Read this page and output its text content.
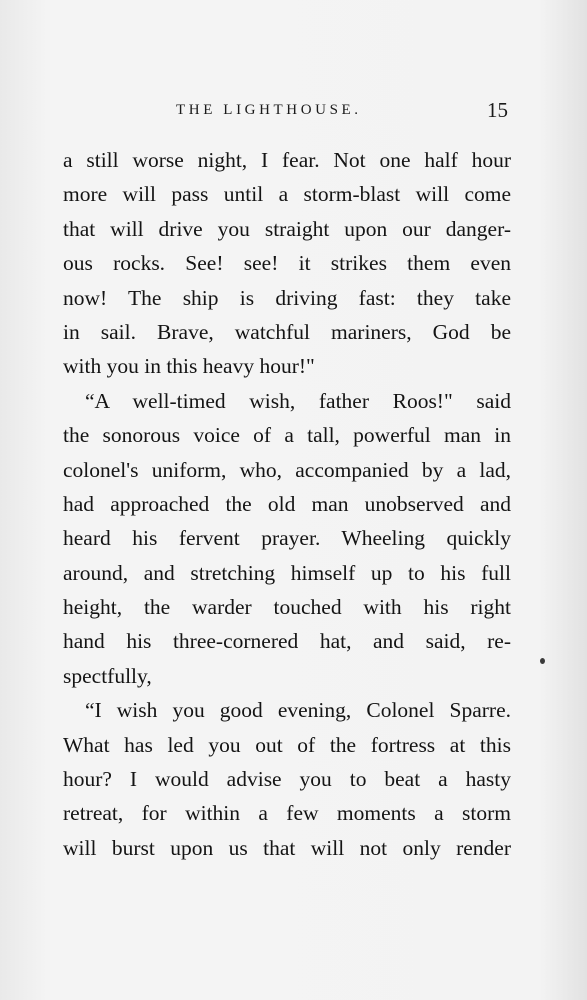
THE LIGHTHOUSE.	15
a still worse night, I fear. Not one half hour
more will pass until a storm-blast will come
that will drive you straight upon our danger-
ous rocks. See! see! it strikes them even
now! The ship is driving fast: they take
in sail. Brave, watchful mariners, God be
with you in this heavy hour!"
“A well-timed wish, father Roos!" said
the sonorous voice of a tall, powerful man in
colonel's uniform, who, accompanied by a lad,
had approached the old man unobserved and
heard his fervent prayer. Wheeling quickly
around, and stretching himself up to his full
height, the warder touched with his right
hand his three-cornered hat, and said, re-
spectfully,
“I wish you good evening, Colonel Sparre.
What has led you out of the fortress at this
hour? I would advise you to beat a hasty
retreat, for within a few moments a storm
will burst upon us that will not only render
